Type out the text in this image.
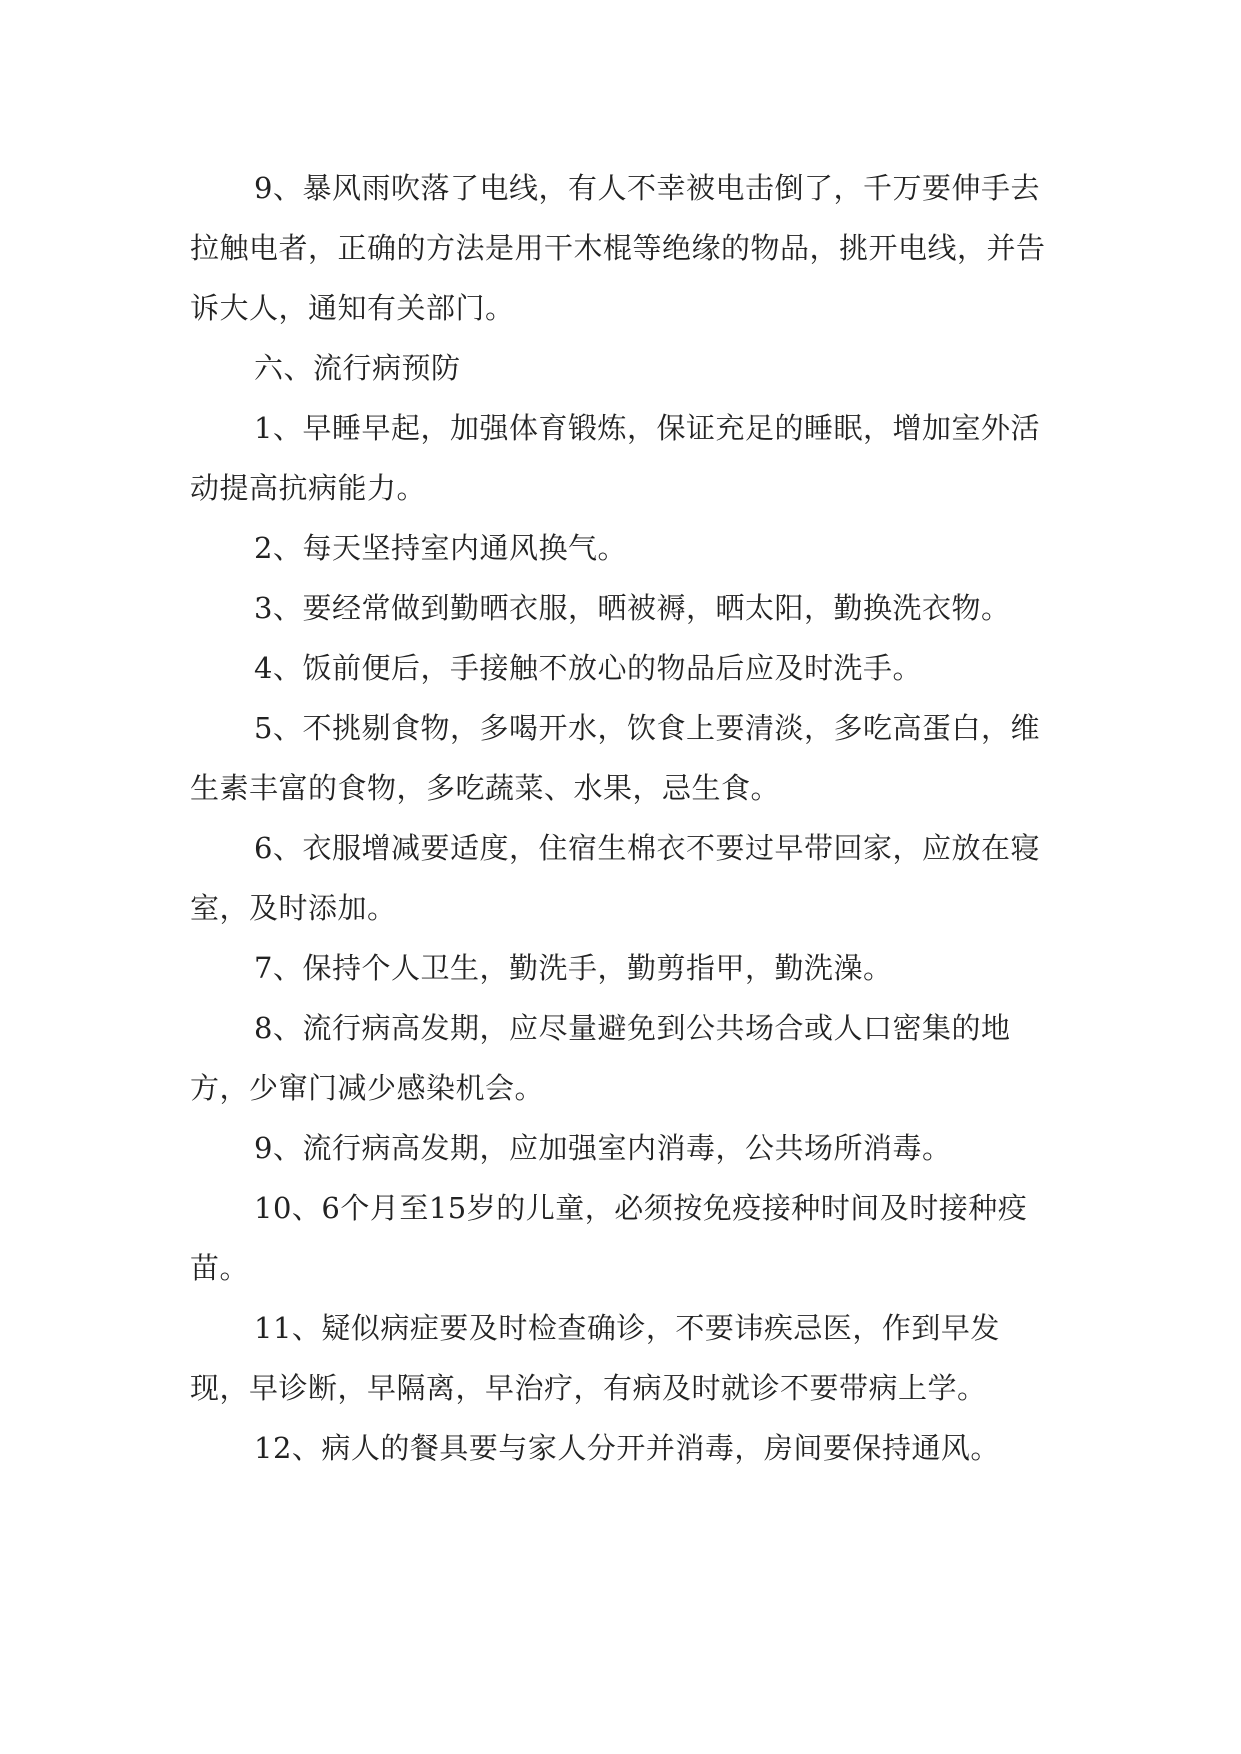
9、暴风雨吹落了电线，有人不幸被电击倒了，千万要伸手去拉触电者，正确的方法是用干木棍等绝缘的物品，挑开电线，并告诉大人，通知有关部门。

六、流行病预防

1、早睡早起，加强体育锻炼，保证充足的睡眠，增加室外活动提高抗病能力。

2、每天坚持室内通风换气。

3、要经常做到勤晒衣服，晒被褥，晒太阳，勤换洗衣物。

4、饭前便后，手接触不放心的物品后应及时洗手。

5、不挑剔食物，多喝开水，饮食上要清淡，多吃高蛋白，维生素丰富的食物，多吃蔬菜、水果，忌生食。

6、衣服增减要适度，住宿生棉衣不要过早带回家，应放在寝室，及时添加。

7、保持个人卫生，勤洗手，勤剪指甲，勤洗澡。

8、流行病高发期，应尽量避免到公共场合或人口密集的地方，少窜门减少感染机会。

9、流行病高发期，应加强室内消毒，公共场所消毒。

10、6个月至15岁的儿童，必须按免疫接种时间及时接种疫苗。

11、疑似病症要及时检查确诊，不要讳疾忌医，作到早发现，早诊断，早隔离，早治疗，有病及时就诊不要带病上学。

12、病人的餐具要与家人分开并消毒，房间要保持通风。
